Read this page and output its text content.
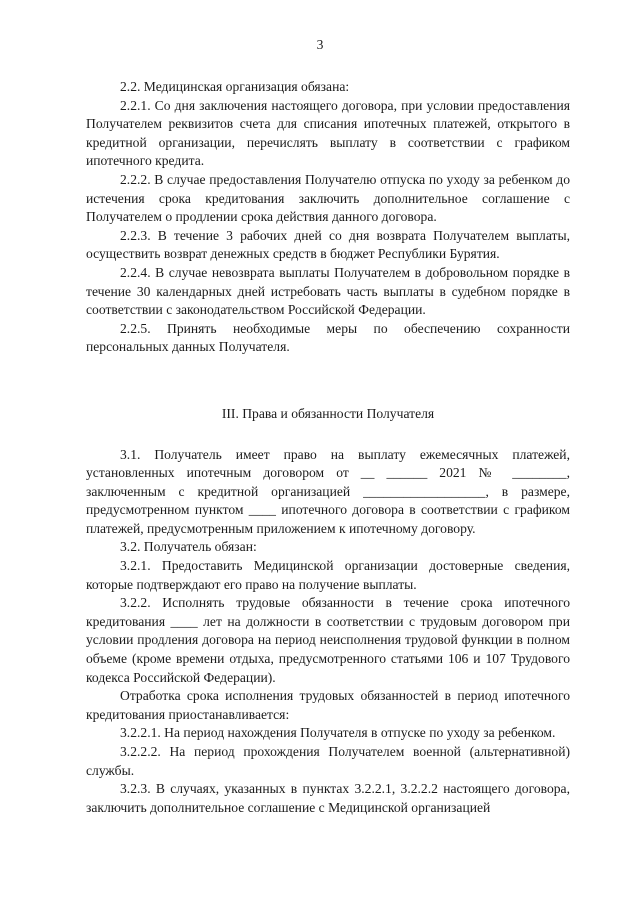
3

2.2. Медицинская организация обязана:

2.2.1. Со дня заключения настоящего договора, при условии предоставления Получателем реквизитов счета для списания ипотечных платежей, открытого в кредитной организации, перечислять выплату в соответствии с графиком ипотечного кредита.

2.2.2. В случае предоставления Получателю отпуска по уходу за ребенком до истечения срока кредитования заключить дополнительное соглашение с Получателем о продлении срока действия данного договора.

2.2.3. В течение 3 рабочих дней со дня возврата Получателем выплаты, осуществить возврат денежных средств в бюджет Республики Бурятия.

2.2.4. В случае невозврата выплаты Получателем в добровольном порядке в течение 30 календарных дней истребовать часть выплаты в судебном порядке в соответствии с законодательством Российской Федерации.

2.2.5. Принять необходимые меры по обеспечению сохранности персональных данных Получателя.

III. Права и обязанности Получателя

3.1. Получатель имеет право на выплату ежемесячных платежей, установленных ипотечным договором от __ ______ 2021 № ________, заключенным с кредитной организацией __________________, в размере, предусмотренном пунктом ____ ипотечного договора в соответствии с графиком платежей, предусмотренным приложением к ипотечному договору.

3.2. Получатель обязан:

3.2.1. Предоставить Медицинской организации достоверные сведения, которые подтверждают его право на получение выплаты.

3.2.2. Исполнять трудовые обязанности в течение срока ипотечного кредитования ____ лет на должности в соответствии с трудовым договором при условии продления договора на период неисполнения трудовой функции в полном объеме (кроме времени отдыха, предусмотренного статьями 106 и 107 Трудового кодекса Российской Федерации).

Отработка срока исполнения трудовых обязанностей в период ипотечного кредитования приостанавливается:

3.2.2.1. На период нахождения Получателя в отпуске по уходу за ребенком.

3.2.2.2. На период прохождения Получателем военной (альтернативной) службы.

3.2.3. В случаях, указанных в пунктах 3.2.2.1, 3.2.2.2 настоящего договора, заключить дополнительное соглашение с Медицинской организацией
